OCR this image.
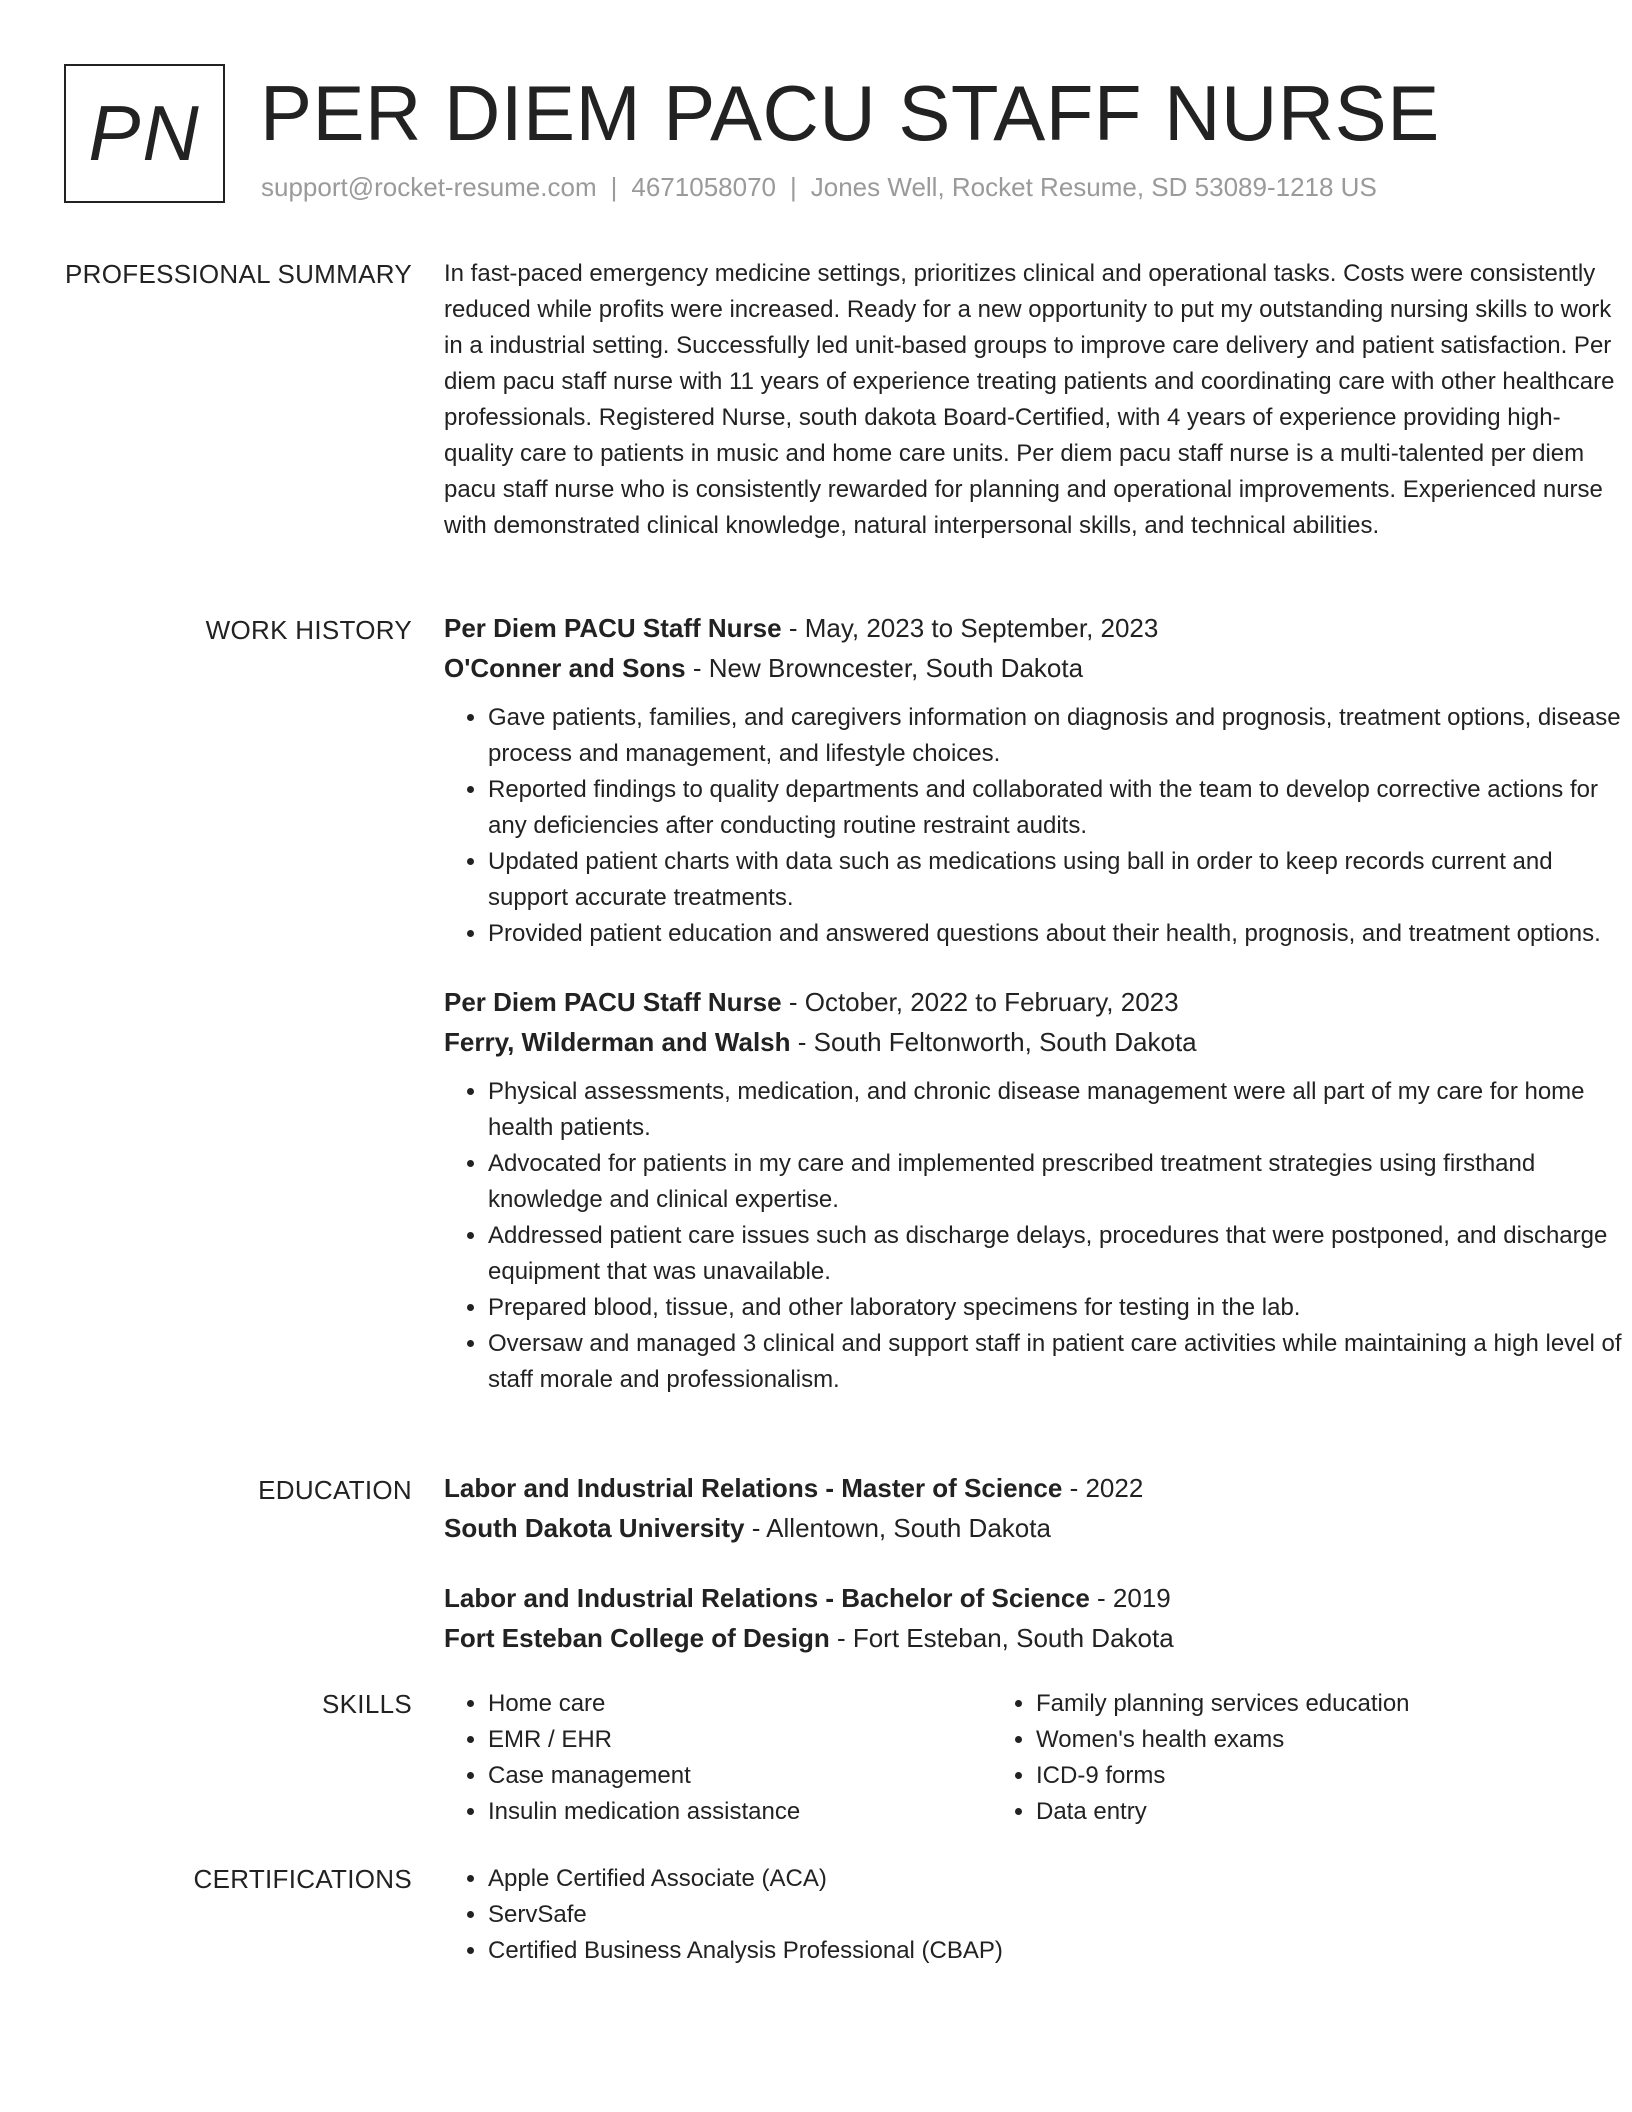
PN PER DIEM PACU STAFF NURSE
support@rocket-resume.com | 4671058070 | Jones Well, Rocket Resume, SD 53089-1218 US
PROFESSIONAL SUMMARY In fast-paced emergency medicine settings, prioritizes clinical and operational tasks. Costs were consistently reduced while profits were increased. Ready for a new opportunity to put my outstanding nursing skills to work in a industrial setting. Successfully led unit-based groups to improve care delivery and patient satisfaction. Per diem pacu staff nurse with 11 years of experience treating patients and coordinating care with other healthcare professionals. Registered Nurse, south dakota Board-Certified, with 4 years of experience providing high-quality care to patients in music and home care units. Per diem pacu staff nurse is a multi-talented per diem pacu staff nurse who is consistently rewarded for planning and operational improvements. Experienced nurse with demonstrated clinical knowledge, natural interpersonal skills, and technical abilities.

WORK HISTORY Per Diem PACU Staff Nurse - May, 2023 to September, 2023
O'Conner and Sons - New Browncester, South Dakota
• Gave patients, families, and caregivers information on diagnosis and prognosis, treatment options, disease process and management, and lifestyle choices.
• Reported findings to quality departments and collaborated with the team to develop corrective actions for any deficiencies after conducting routine restraint audits.
• Updated patient charts with data such as medications using ball in order to keep records current and support accurate treatments.
• Provided patient education and answered questions about their health, prognosis, and treatment options.
Per Diem PACU Staff Nurse - October, 2022 to February, 2023
Ferry, Wilderman and Walsh - South Feltonworth, South Dakota
• Physical assessments, medication, and chronic disease management were all part of my care for home health patients.
• Advocated for patients in my care and implemented prescribed treatment strategies using firsthand knowledge and clinical expertise.
• Addressed patient care issues such as discharge delays, procedures that were postponed, and discharge equipment that was unavailable.
• Prepared blood, tissue, and other laboratory specimens for testing in the lab.
• Oversaw and managed 3 clinical and support staff in patient care activities while maintaining a high level of staff morale and professionalism.
EDUCATION Labor and Industrial Relations - Master of Science - 2022
South Dakota University - Allentown, South Dakota
Labor and Industrial Relations - Bachelor of Science - 2019
Fort Esteban College of Design - Fort Esteban, South Dakota
SKILLS	• Home care
• EMR / EHR
• Case management
• Insulin medication assistance
• Family planning services education
• Women's health exams
• ICD-9 forms
• Data entry
CERTIFICATIONS	• Apple Certified Associate (ACA)
• ServSafe
• Certified Business Analysis Professional (CBAP)
